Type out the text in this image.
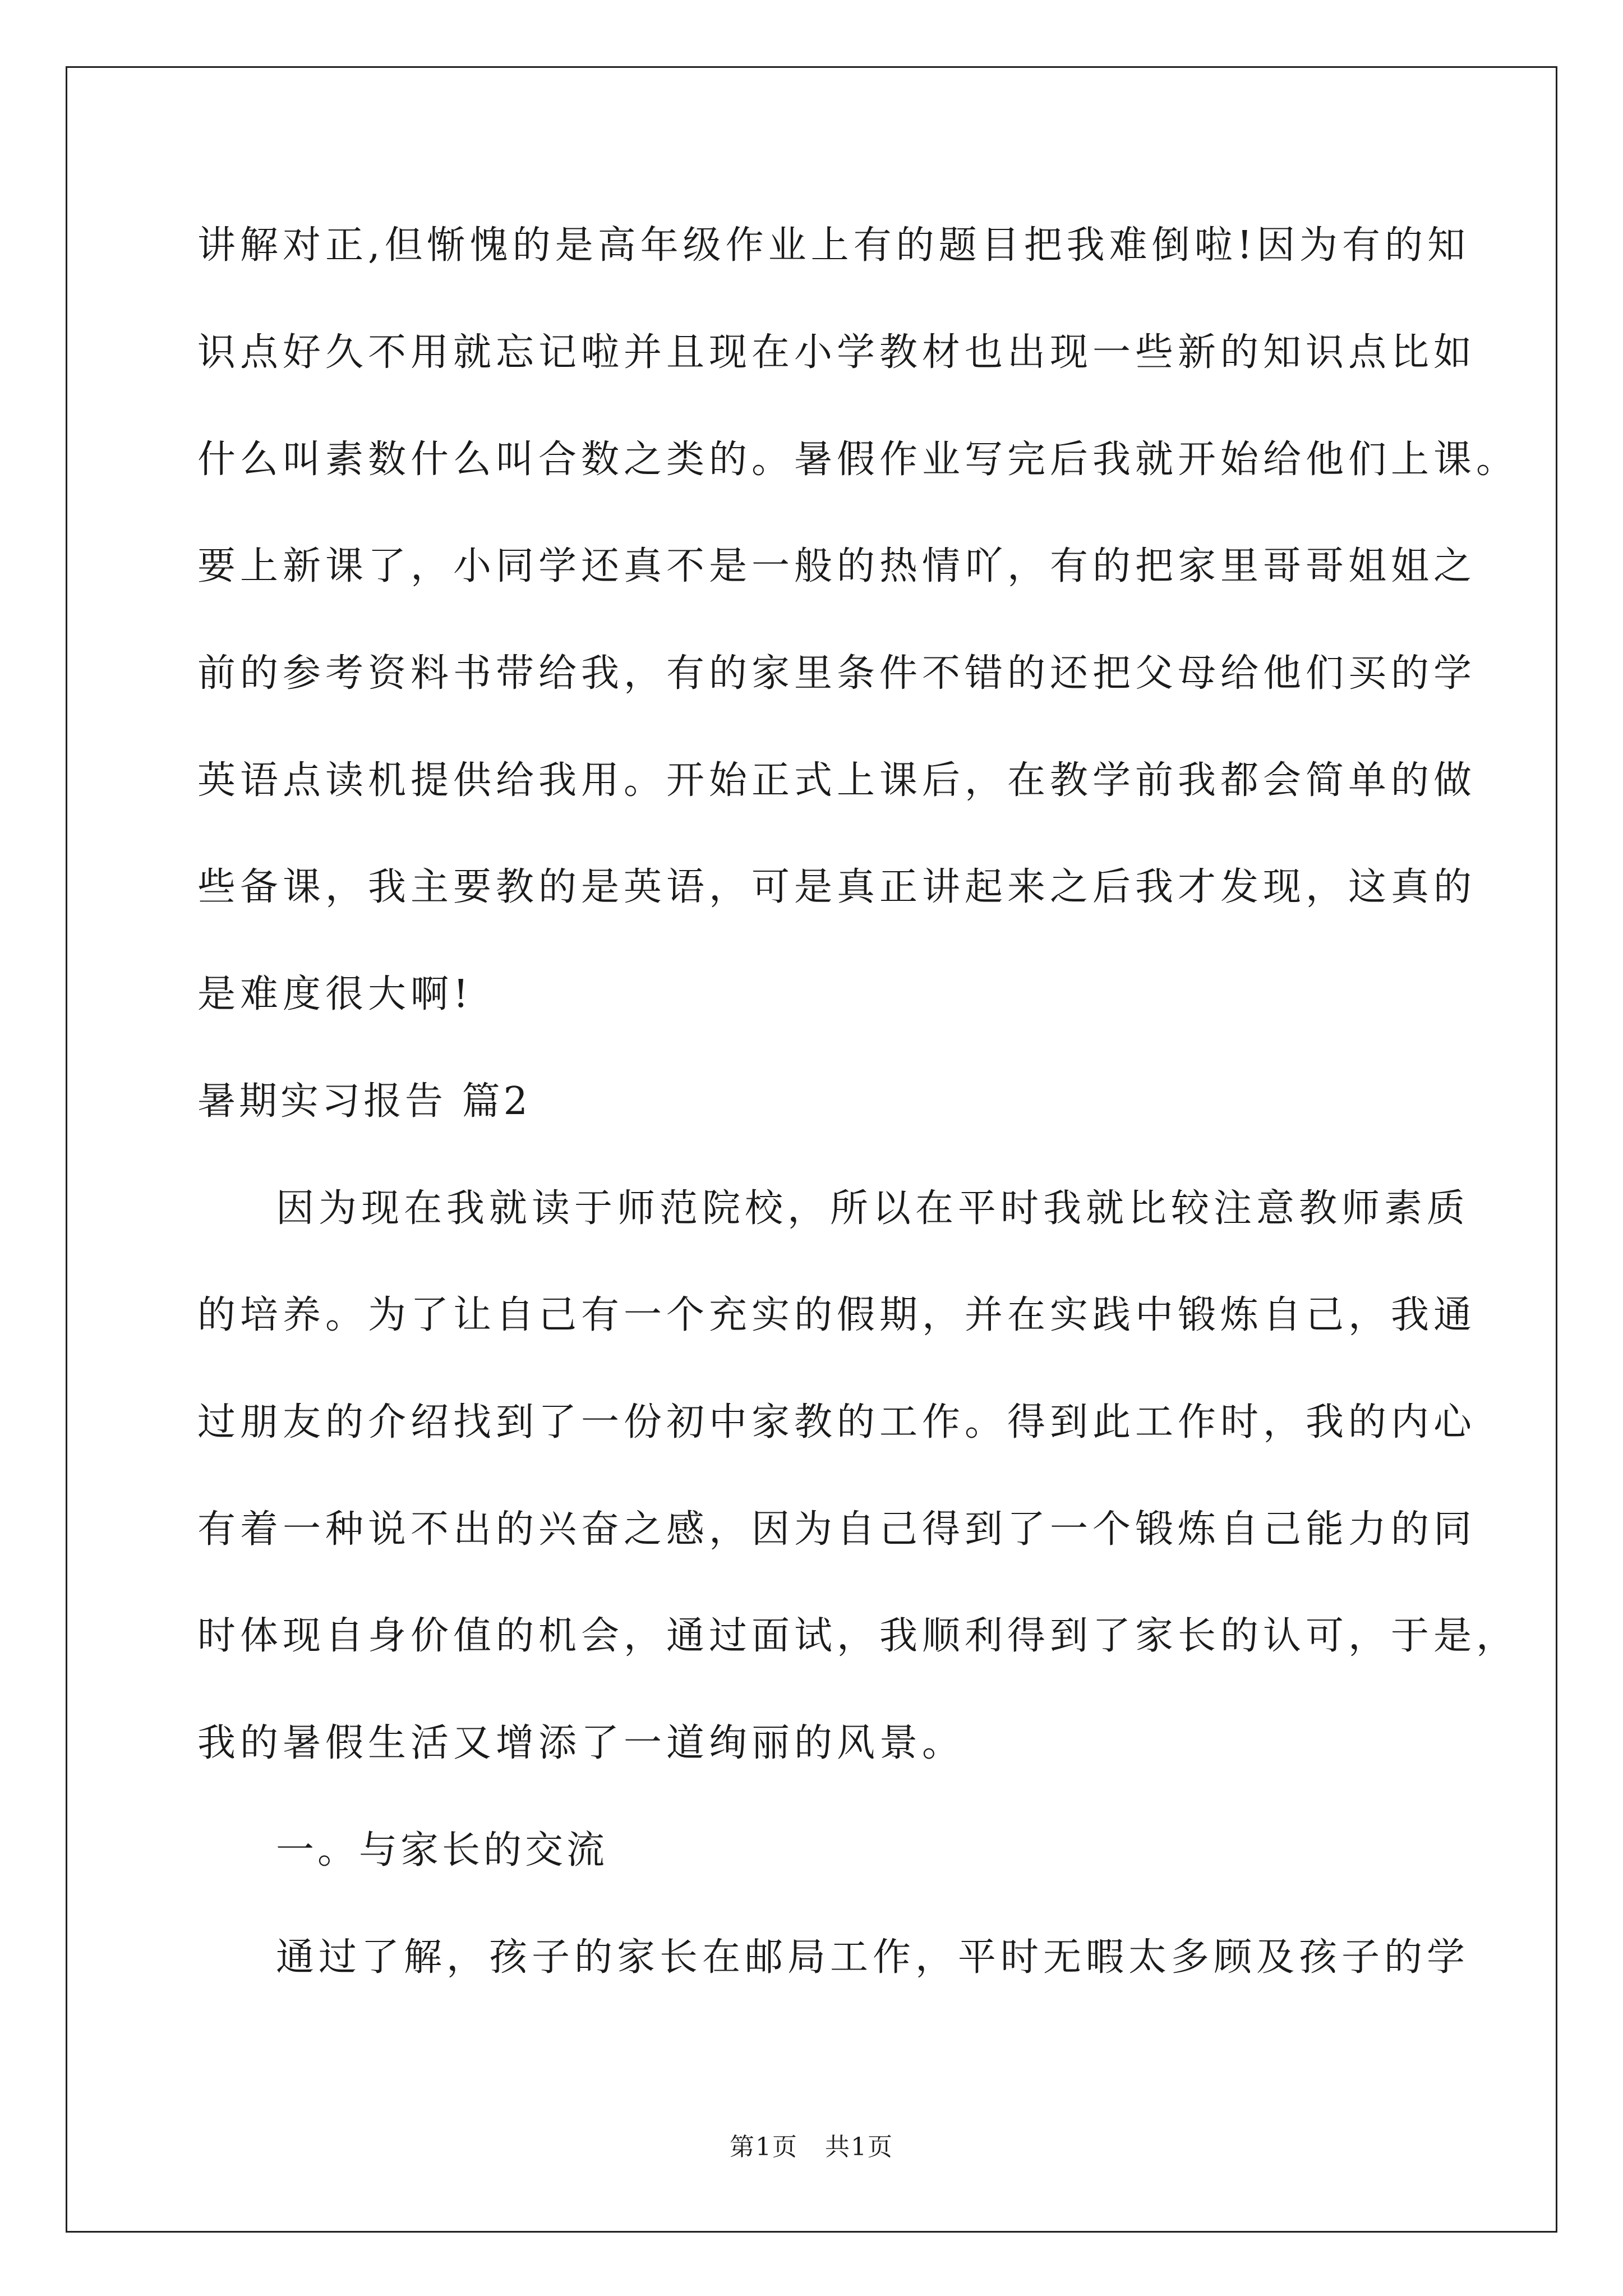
讲解对正,但惭愧的是高年级作业上有的题目把我难倒啦!因为有的知
识点好久不用就忘记啦并且现在小学教材也出现一些新的知识点比如
什么叫素数什么叫合数之类的。暑假作业写完后我就开始给他们上课。
要上新课了，小同学还真不是一般的热情吖，有的把家里哥哥姐姐之
前的参考资料书带给我，有的家里条件不错的还把父母给他们买的学
英语点读机提供给我用。开始正式上课后，在教学前我都会简单的做
些备课，我主要教的是英语，可是真正讲起来之后我才发现，这真的
是难度很大啊!
暑期实习报告 篇2
因为现在我就读于师范院校，所以在平时我就比较注意教师素质
的培养。为了让自己有一个充实的假期，并在实践中锻炼自己，我通
过朋友的介绍找到了一份初中家教的工作。得到此工作时，我的内心
有着一种说不出的兴奋之感，因为自己得到了一个锻炼自己能力的同
时体现自身价值的机会，通过面试，我顺利得到了家长的认可，于是，
我的暑假生活又增添了一道绚丽的风景。
一。与家长的交流
通过了解，孩子的家长在邮局工作，平时无暇太多顾及孩子的学
第1页   共1页
